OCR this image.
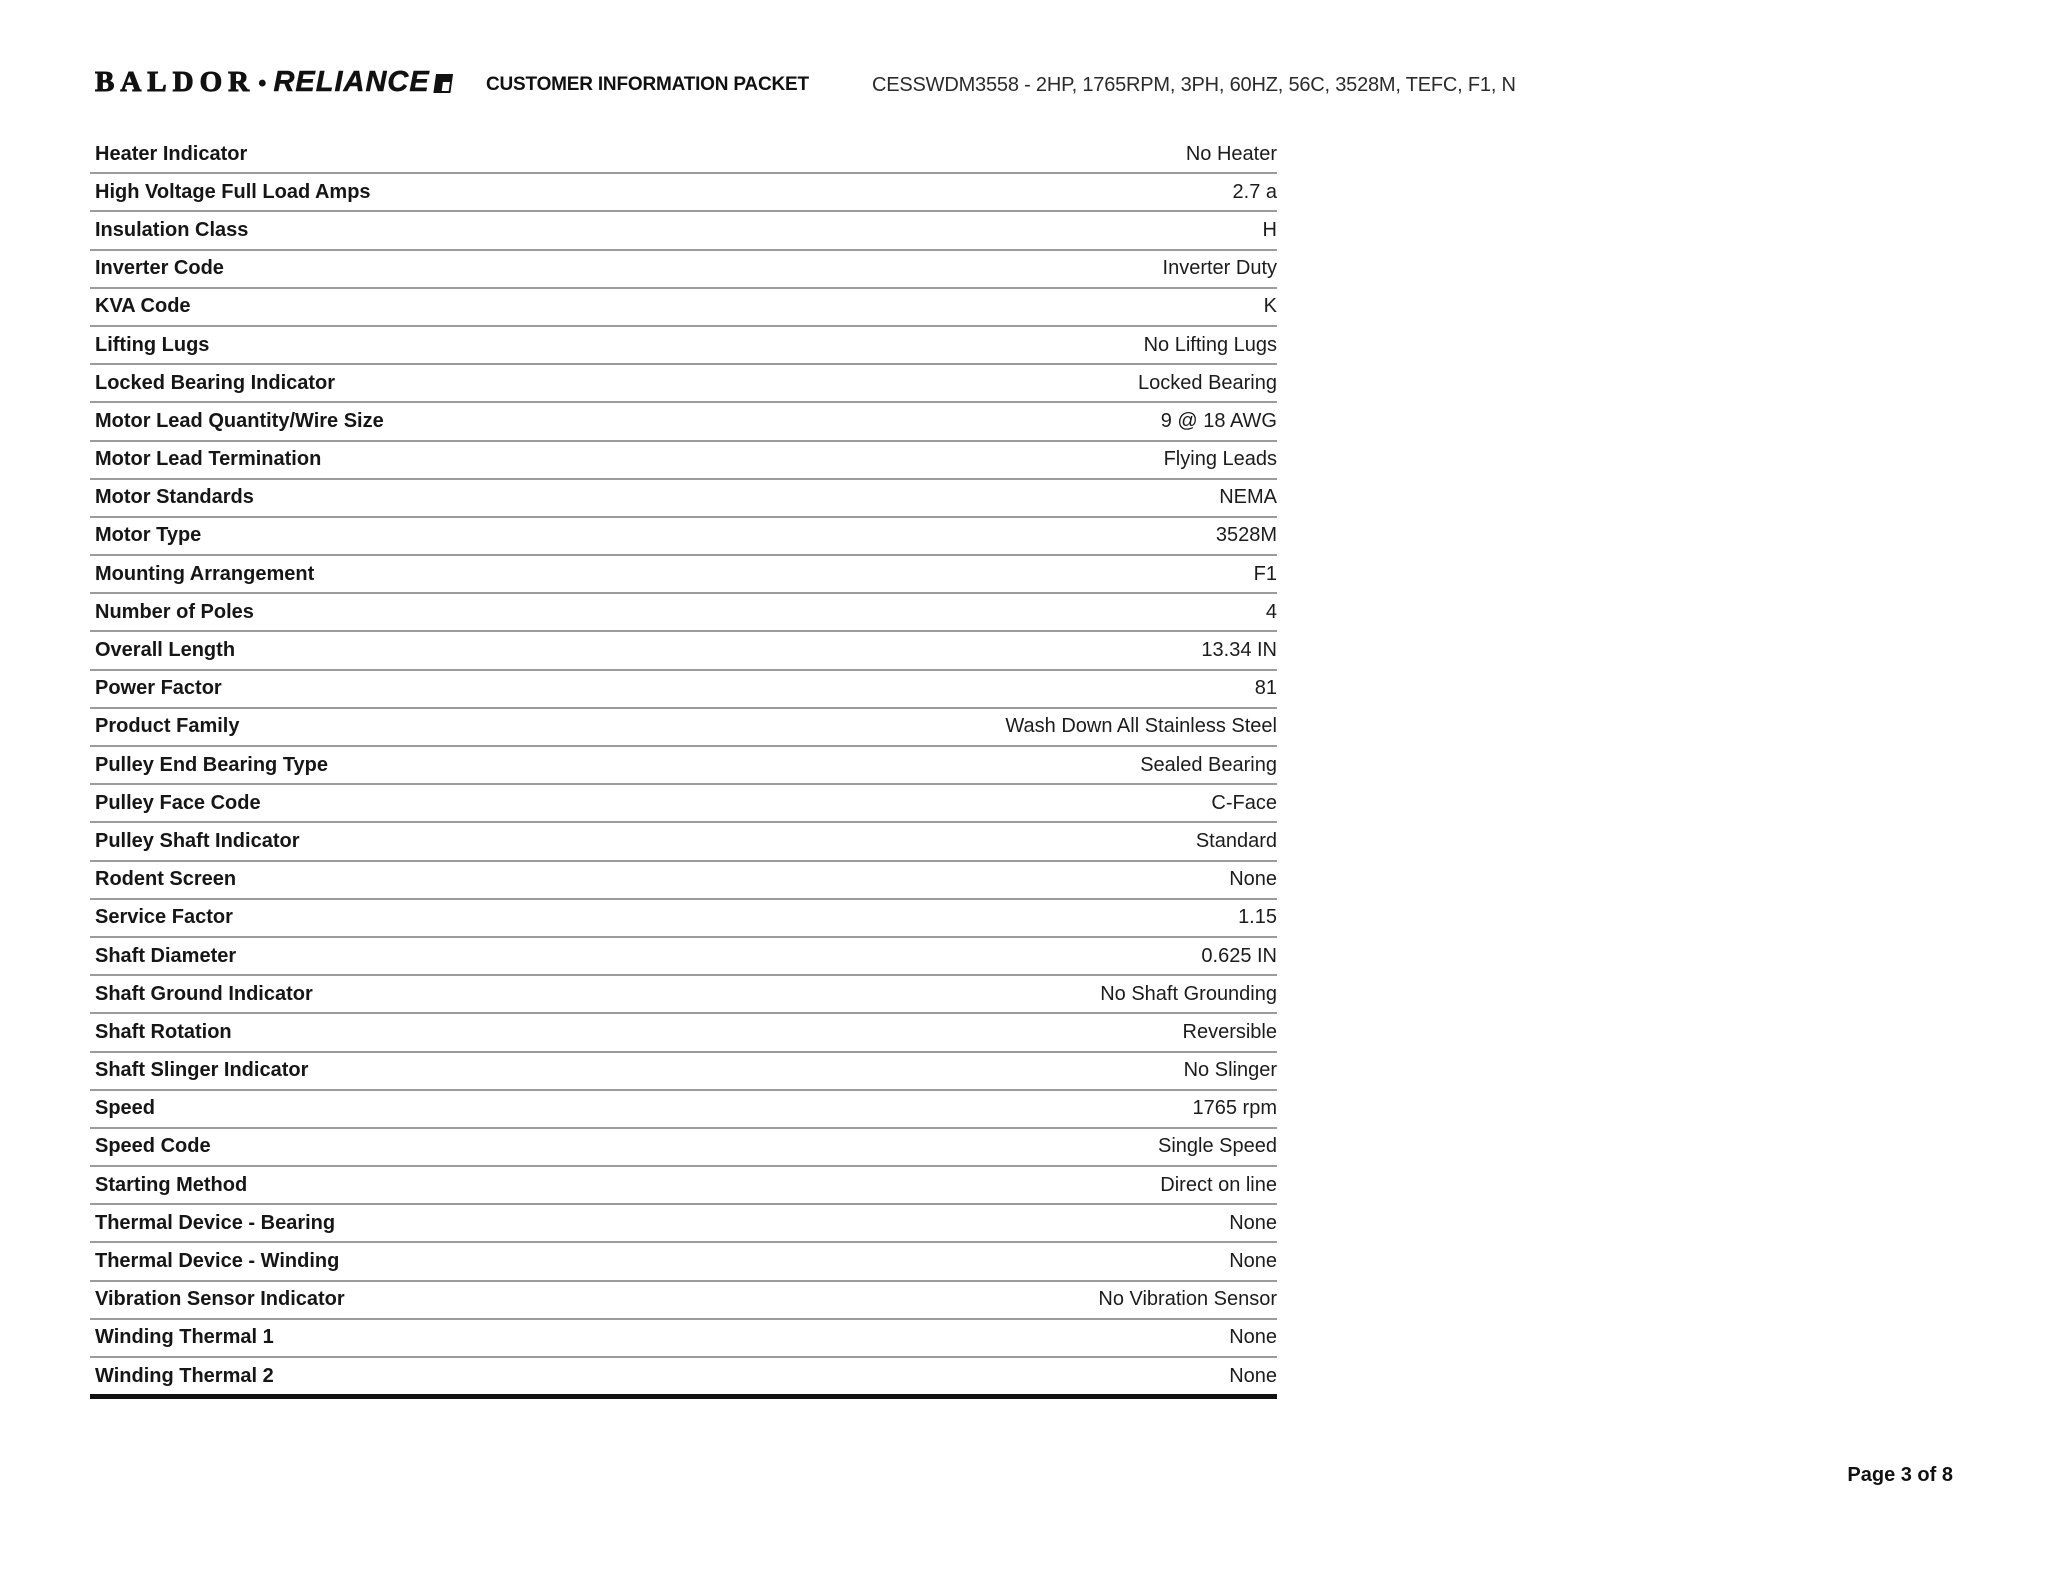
BALDOR • RELIANCE	CUSTOMER INFORMATION PACKET	CESSWDM3558 - 2HP, 1765RPM, 3PH, 60HZ, 56C, 3528M, TEFC, F1, N
Heater Indicator	No Heater
High Voltage Full Load Amps	2.7 a
Insulation Class	H
Inverter Code	Inverter Duty
KVA Code	K
Lifting Lugs	No Lifting Lugs
Locked Bearing Indicator	Locked Bearing
Motor Lead Quantity/Wire Size	9 @ 18 AWG
Motor Lead Termination	Flying Leads
Motor Standards	NEMA
Motor Type	3528M
Mounting Arrangement	F1
Number of Poles	4
Overall Length	13.34 IN
Power Factor	81
Product Family	Wash Down All Stainless Steel
Pulley End Bearing Type	Sealed Bearing
Pulley Face Code	C-Face
Pulley Shaft Indicator	Standard
Rodent Screen	None
Service Factor	1.15
Shaft Diameter	0.625 IN
Shaft Ground Indicator	No Shaft Grounding
Shaft Rotation	Reversible
Shaft Slinger Indicator	No Slinger
Speed	1765 rpm
Speed Code	Single Speed
Starting Method	Direct on line
Thermal Device - Bearing	None
Thermal Device - Winding	None
Vibration Sensor Indicator	No Vibration Sensor
Winding Thermal 1	None
Winding Thermal 2	None
Page 3 of 8
